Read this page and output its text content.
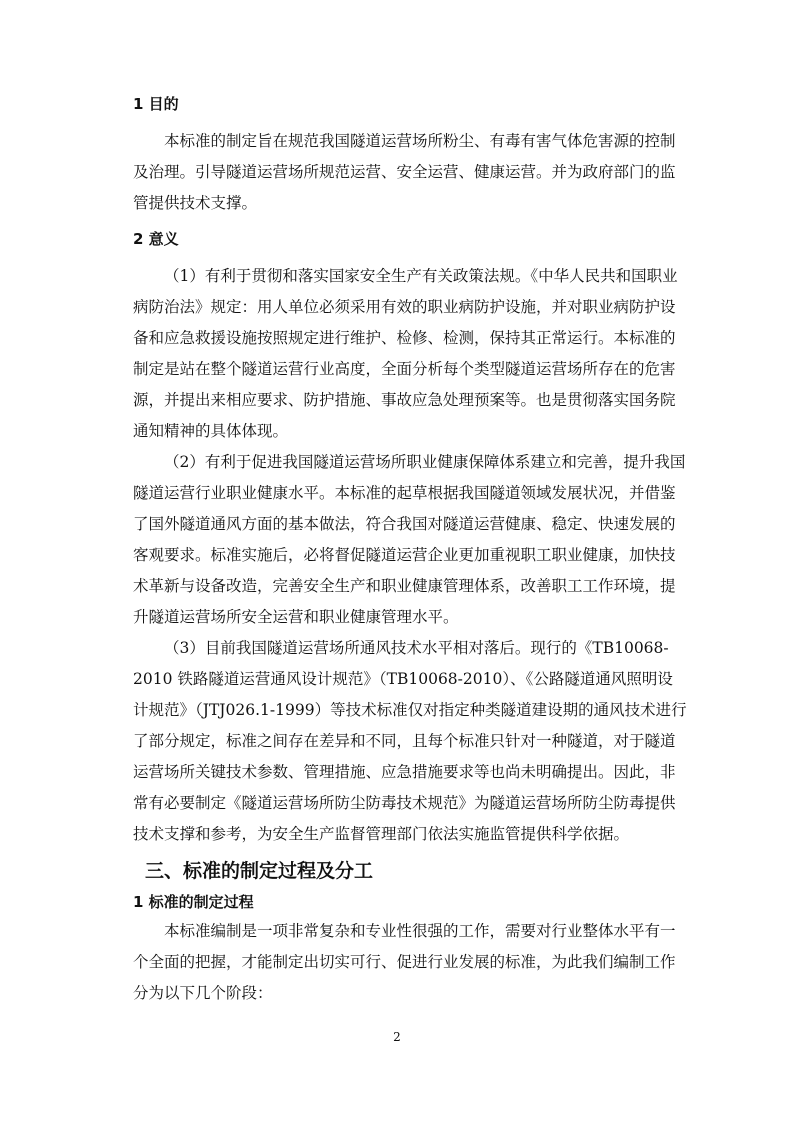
1 目的

本标准的制定旨在规范我国隧道运营场所粉尘、有毒有害气体危害源的控制及治理。引导隧道运营场所规范运营、安全运营、健康运营。并为政府部门的监管提供技术支撑。

2 意义

（1）有利于贯彻和落实国家安全生产有关政策法规。《中华人民共和国职业病防治法》规定：用人单位必须采用有效的职业病防护设施，并对职业病防护设备和应急救援设施按照规定进行维护、检修、检测，保持其正常运行。本标准的制定是站在整个隧道运营行业高度，全面分析每个类型隧道运营场所存在的危害源，并提出来相应要求、防护措施、事故应急处理预案等。也是贯彻落实国务院通知精神的具体体现。

（2）有利于促进我国隧道运营场所职业健康保障体系建立和完善，提升我国隧道运营行业职业健康水平。本标准的起草根据我国隧道领域发展状况，并借鉴了国外隧道通风方面的基本做法，符合我国对隧道运营健康、稳定、快速发展的客观要求。标准实施后，必将督促隧道运营企业更加重视职工职业健康，加快技术革新与设备改造，完善安全生产和职业健康管理体系，改善职工工作环境，提升隧道运营场所安全运营和职业健康管理水平。

（3）目前我国隧道运营场所通风技术水平相对落后。现行的《TB10068-2010 铁路隧道运营通风设计规范》（TB10068-2010）、《公路隧道通风照明设计规范》（JTJ026.1-1999）等技术标准仅对指定种类隧道建设期的通风技术进行了部分规定，标准之间存在差异和不同，且每个标准只针对一种隧道，对于隧道运营场所关键技术参数、管理措施、应急措施要求等也尚未明确提出。因此，非常有必要制定《隧道运营场所防尘防毒技术规范》为隧道运营场所防尘防毒提供技术支撑和参考，为安全生产监督管理部门依法实施监管提供科学依据。

三、标准的制定过程及分工

1 标准的制定过程

本标准编制是一项非常复杂和专业性很强的工作，需要对行业整体水平有一个全面的把握，才能制定出切实可行、促进行业发展的标准，为此我们编制工作分为以下几个阶段：

2
